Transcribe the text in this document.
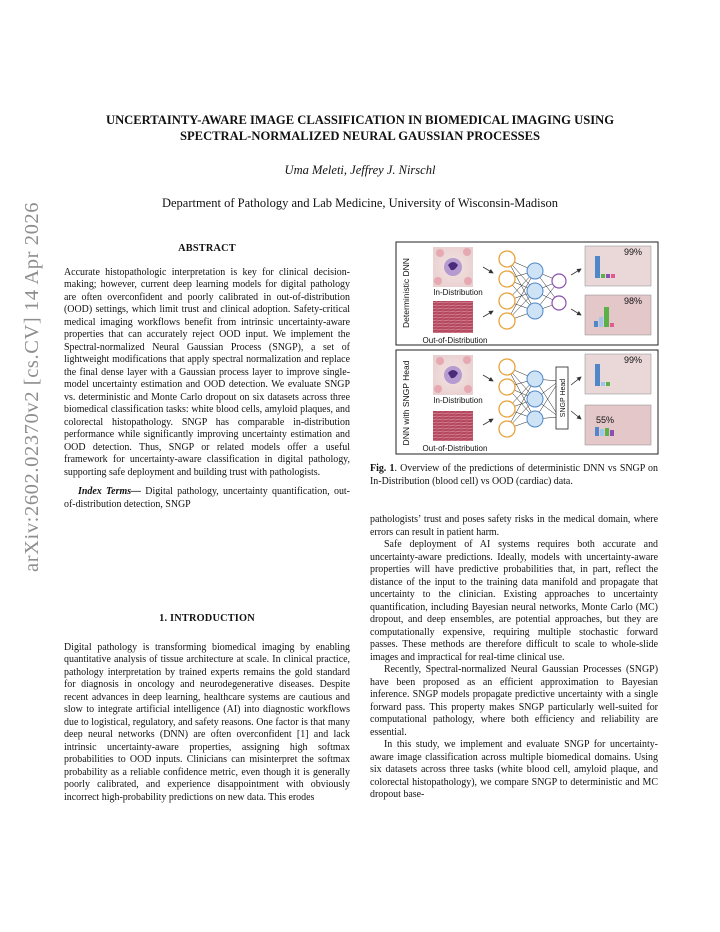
arXiv:2602.02370v2 [cs.CV] 14 Apr 2026
UNCERTAINTY-AWARE IMAGE CLASSIFICATION IN BIOMEDICAL IMAGING USING
SPECTRAL-NORMALIZED NEURAL GAUSSIAN PROCESSES
Uma Meleti, Jeffrey J. Nirschl
Department of Pathology and Lab Medicine, University of Wisconsin-Madison
ABSTRACT

Accurate histopathologic interpretation is key for clinical decision-making; however, current deep learning models for digital pathology are often overconfident and poorly calibrated in out-of-distribution (OOD) settings, which limit trust and clinical adoption. Safety-critical medical imaging workflows benefit from intrinsic uncertainty-aware properties that can accurately reject OOD input. We implement the Spectral-normalized Neural Gaussian Process (SNGP), a set of lightweight modifications that apply spectral normalization and replace the final dense layer with a Gaussian process layer to improve single-model uncertainty estimation and OOD detection. We evaluate SNGP vs. deterministic and Monte Carlo dropout on six datasets across three biomedical classification tasks: white blood cells, amyloid plaques, and colorectal histopathology. SNGP has comparable in-distribution performance while significantly improving uncertainty estimation and OOD detection. Thus, SNGP or related models offer a useful framework for uncertainty-aware classification in digital pathology, supporting safe deployment and building trust with pathologists.

Index Terms— Digital pathology, uncertainty quantification, out-of-distribution detection, SNGP

1. INTRODUCTION

Digital pathology is transforming biomedical imaging by enabling quantitative analysis of tissue architecture at scale. In clinical practice, pathology interpretation by trained experts remains the gold standard for diagnosis in oncology and neurodegenerative diseases. Despite recent advances in deep learning, healthcare systems are cautious and slow to integrate artificial intelligence (AI) into diagnostic workflows due to logistical, regulatory, and safety reasons. One factor is that many deep neural networks (DNN) are often overconfident [1] and lack intrinsic uncertainty-aware properties, assigning high softmax probabilities to OOD inputs. Clinicians can misinterpret the softmax probability as a reliable confidence metric, even though it is generally poorly calibrated, and experience disappointment with obviously incorrect high-probability predictions on new data. This erodes

Deterministic DNN	In-Distribution
Out-of-Distribution
99%
98%
DNN with SNGP Head	In-Distribution
Out-of-Distribution
SNGP Head
99%
55%
Fig. 1. Overview of the predictions of deterministic DNN vs SNGP on In-Distribution (blood cell) vs OOD (cardiac) data.

pathologists’ trust and poses safety risks in the medical domain, where errors can result in patient harm.

Safe deployment of AI systems requires both accurate and uncertainty-aware predictions. Ideally, models with uncertainty-aware properties will have predictive probabilities that, in part, reflect the distance of the input to the training data manifold and propagate that uncertainty to the clinician. Existing approaches to uncertainty quantification, including Bayesian neural networks, Monte Carlo (MC) dropout, and deep ensembles, are potential approaches, but they are computationally expensive, requiring multiple stochastic forward passes. These methods are therefore difficult to scale to whole-slide images and impractical for real-time clinical use.

Recently, Spectral-normalized Neural Gaussian Processes (SNGP) have been proposed as an efficient approximation to Bayesian inference. SNGP models propagate predictive uncertainty with a single forward pass. This property makes SNGP particularly well-suited for computational pathology, where both efficiency and reliability are essential.

In this study, we implement and evaluate SNGP for uncertainty-aware image classification across multiple biomedical domains. Using six datasets across three tasks (white blood cell, amyloid plaque, and colorectal histopathology), we compare SNGP to deterministic and MC dropout base-
